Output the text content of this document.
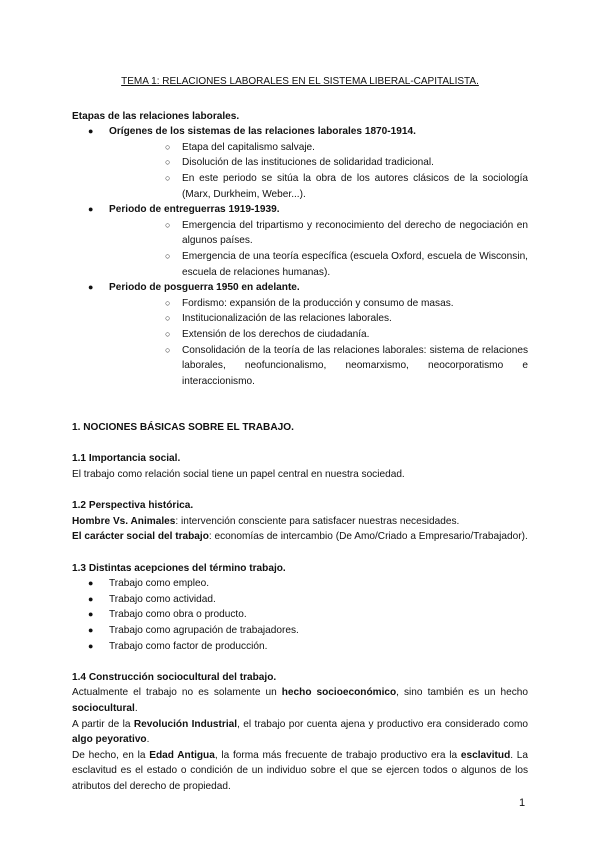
TEMA 1: RELACIONES LABORALES EN EL SISTEMA LIBERAL-CAPITALISTA.

Etapas de las relaciones laborales.

● Orígenes de los sistemas de las relaciones laborales 1870-1914.
○ Etapa del capitalismo salvaje.
○ Disolución de las instituciones de solidaridad tradicional.
○ En este periodo se sitúa la obra de los autores clásicos de la sociología (Marx, Durkheim, Weber...).
● Periodo de entreguerras 1919-1939.
○ Emergencia del tripartismo y reconocimiento del derecho de negociación en algunos países.
○ Emergencia de una teoría específica (escuela Oxford, escuela de Wisconsin, escuela de relaciones humanas).
● Periodo de posguerra 1950 en adelante.
○ Fordismo: expansión de la producción y consumo de masas.
○ Institucionalización de las relaciones laborales.
○ Extensión de los derechos de ciudadanía.
○ Consolidación de la teoría de las relaciones laborales: sistema de relaciones laborales, neofuncionalismo, neomarxismo, neocorporatismo e interaccionismo.

1. NOCIONES BÁSICAS SOBRE EL TRABAJO.

1.1 Importancia social.

El trabajo como relación social tiene un papel central en nuestra sociedad.

1.2 Perspectiva histórica.

Hombre Vs. Animales: intervención consciente para satisfacer nuestras necesidades.

El carácter social del trabajo: economías de intercambio (De Amo/Criado a Empresario/Trabajador).

1.3 Distintas acepciones del término trabajo.

● Trabajo como empleo.
● Trabajo como actividad.
● Trabajo como obra o producto.
● Trabajo como agrupación de trabajadores.
● Trabajo como factor de producción.

1.4 Construcción sociocultural del trabajo.

Actualmente el trabajo no es solamente un hecho socioeconómico, sino también es un hecho sociocultural.

A partir de la Revolución Industrial, el trabajo por cuenta ajena y productivo era considerado como algo peyorativo.

De hecho, en la Edad Antigua, la forma más frecuente de trabajo productivo era la esclavitud. La esclavitud es el estado o condición de un individuo sobre el que se ejercen todos o algunos de los atributos del derecho de propiedad.

1
